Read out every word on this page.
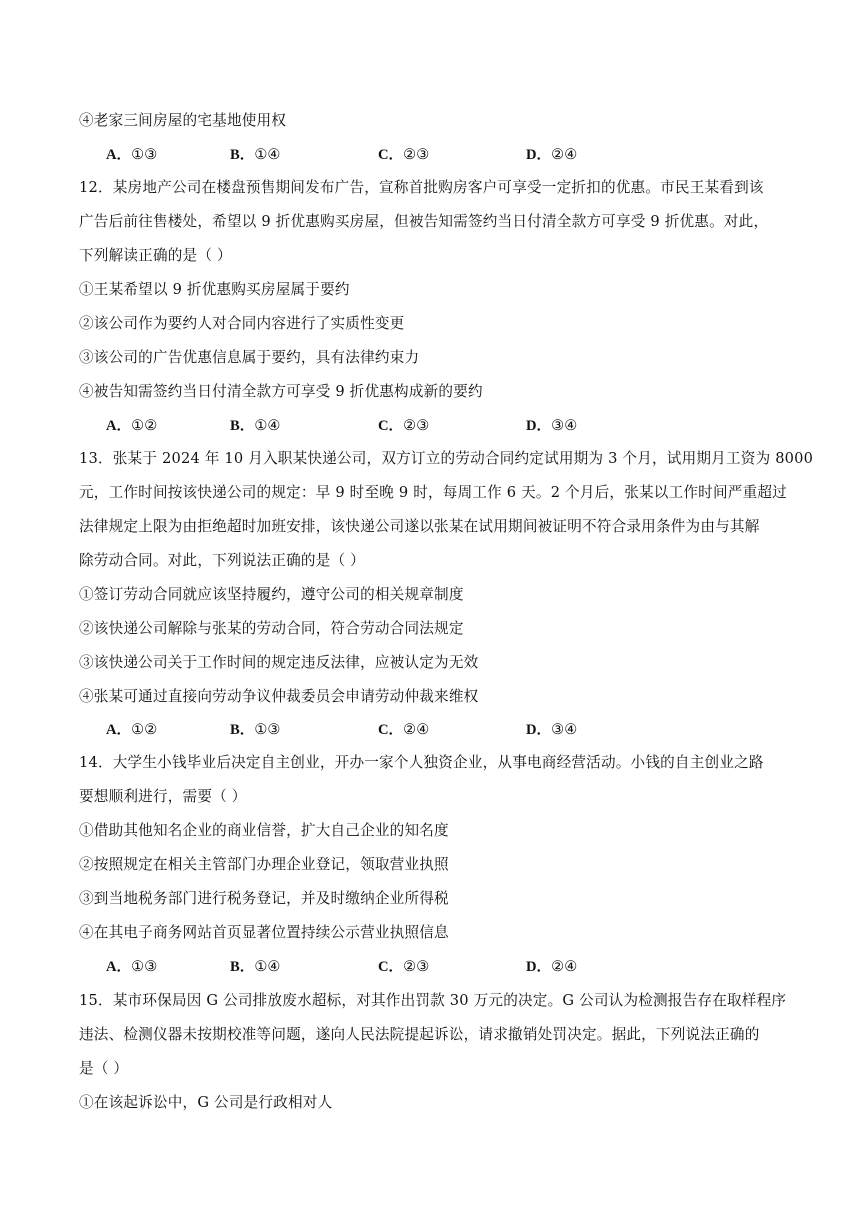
④老家三间房屋的宅基地使用权
A．①③	B．①④	C．②③	D．②④
12．某房地产公司在楼盘预售期间发布广告，宣称首批购房客户可享受一定折扣的优惠。市民王某看到该
广告后前往售楼处，希望以 9 折优惠购买房屋，但被告知需签约当日付清全款方可享受 9 折优惠。对此，
下列解读正确的是（ ）
①王某希望以 9 折优惠购买房屋属于要约
②该公司作为要约人对合同内容进行了实质性变更
③该公司的广告优惠信息属于要约，具有法律约束力
④被告知需签约当日付清全款方可享受 9 折优惠构成新的要约
A．①②	B．①④	C．②③	D．③④
13．张某于 2024 年 10 月入职某快递公司，双方订立的劳动合同约定试用期为 3 个月，试用期月工资为 8000
元，工作时间按该快递公司的规定：早 9 时至晚 9 时，每周工作 6 天。2 个月后，张某以工作时间严重超过
法律规定上限为由拒绝超时加班安排，该快递公司遂以张某在试用期间被证明不符合录用条件为由与其解
除劳动合同。对此，下列说法正确的是（ ）
①签订劳动合同就应该坚持履约，遵守公司的相关规章制度
②该快递公司解除与张某的劳动合同，符合劳动合同法规定
③该快递公司关于工作时间的规定违反法律，应被认定为无效
④张某可通过直接向劳动争议仲裁委员会申请劳动仲裁来维权
A．①②	B．①③	C．②④	D．③④
14．大学生小钱毕业后决定自主创业，开办一家个人独资企业，从事电商经营活动。小钱的自主创业之路
要想顺利进行，需要（ ）
①借助其他知名企业的商业信誉，扩大自己企业的知名度
②按照规定在相关主管部门办理企业登记，领取营业执照
③到当地税务部门进行税务登记，并及时缴纳企业所得税
④在其电子商务网站首页显著位置持续公示营业执照信息
A．①③	B．①④	C．②③	D．②④
15．某市环保局因 G 公司排放废水超标，对其作出罚款 30 万元的决定。G 公司认为检测报告存在取样程序
违法、检测仪器未按期校准等问题，遂向人民法院提起诉讼，请求撤销处罚决定。据此，下列说法正确的
是（ ）
①在该起诉讼中，G 公司是行政相对人
